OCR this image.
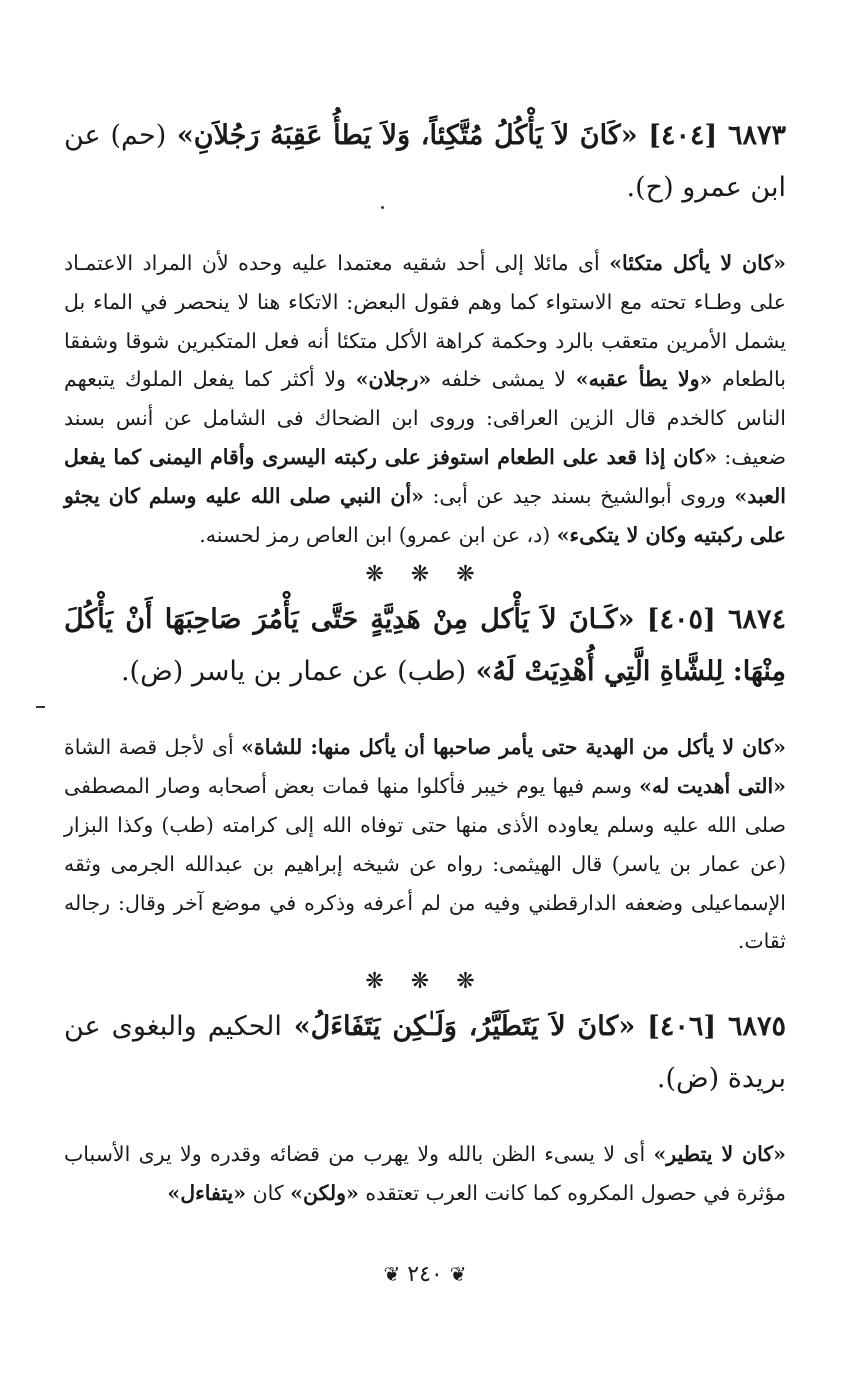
٦٨٧٣ [٤٠٤] «كَانَ لاَ يَأْكُلُ مُتَّكِئاً، وَلاَ يَطأُ عَقِبَهُ رَجُلاَنِ» (حم) عن ابن عمرو (ح).

«كان لا يأكل متكئا» أى مائلا إلى أحد شقيه معتمدا عليه وحده لأن المراد الاعتمـاد على وطـاء تحته مع الاستواء كما وهم فقول البعض: الاتكاء هنا لا ينحصر في الماء بل يشمل الأمرين متعقب بالرد وحكمة كراهة الأكل متكئا أنه فعل المتكبرين شوقا وشفقا بالطعام «ولا يطأ عقبه» لا يمشى خلفه «رجلان» ولا أكثر كما يفعل الملوك يتبعهم الناس كالخدم قال الزين العراقى: وروى ابن الضحاك فى الشامل عن أنس بسند ضعيف: «كان إذا قعد على الطعام استوفز على ركبته اليسرى وأقام اليمنى كما يفعل العبد» وروى أبوالشيخ بسند جيد عن أبى: «أن النبي صلى الله عليه وسلم كان يجثو على ركبتيه وكان لا يتكىء» (د، عن ابن عمرو) ابن العاص رمز لحسنه.

❋ ❋ ❋

٦٨٧٤ [٤٠٥] «كَـانَ لاَ يَأْكل مِنْ هَدِيَّةٍ حَتَّى يَأْمُرَ صَاحِبَهَا أَنْ يَأْكُلَ مِنْهَا: لِلشَّاةِ الَّتِي أُهْدِيَتْ لَهُ» (طب) عن عمار بن ياسر (ض).

«كان لا يأكل من الهدية حتى يأمر صاحبها أن يأكل منها: للشاة» أى لأجل قصة الشاة «التى أهديت له» وسم فيها يوم خيبر فأكلوا منها فمات بعض أصحابه وصار المصطفى صلى الله عليه وسلم يعاوده الأذى منها حتى توفاه الله إلى كرامته (طب) وكذا البزار (عن عمار بن ياسر) قال الهيثمى: رواه عن شيخه إبراهيم بن عبدالله الجرمى وثقه الإسماعيلى وضعفه الدارقطني وفيه من لم أعرفه وذكره في موضع آخر وقال: رجاله ثقات.

❋ ❋ ❋

٦٨٧٥ [٤٠٦] «كانَ لاَ يَتَطَيَّرُ، وَلَـٰكِن يَتَفَاءَلُ» الحكيم والبغوى عن بريدة (ض).

«كان لا يتطير» أى لا يسىء الظن بالله ولا يهرب من قضائه وقدره ولا يرى الأسباب مؤثرة في حصول المكروه كما كانت العرب تعتقده «ولكن» كان «يتفاءل»

❦ ٢٤٠ ❦
